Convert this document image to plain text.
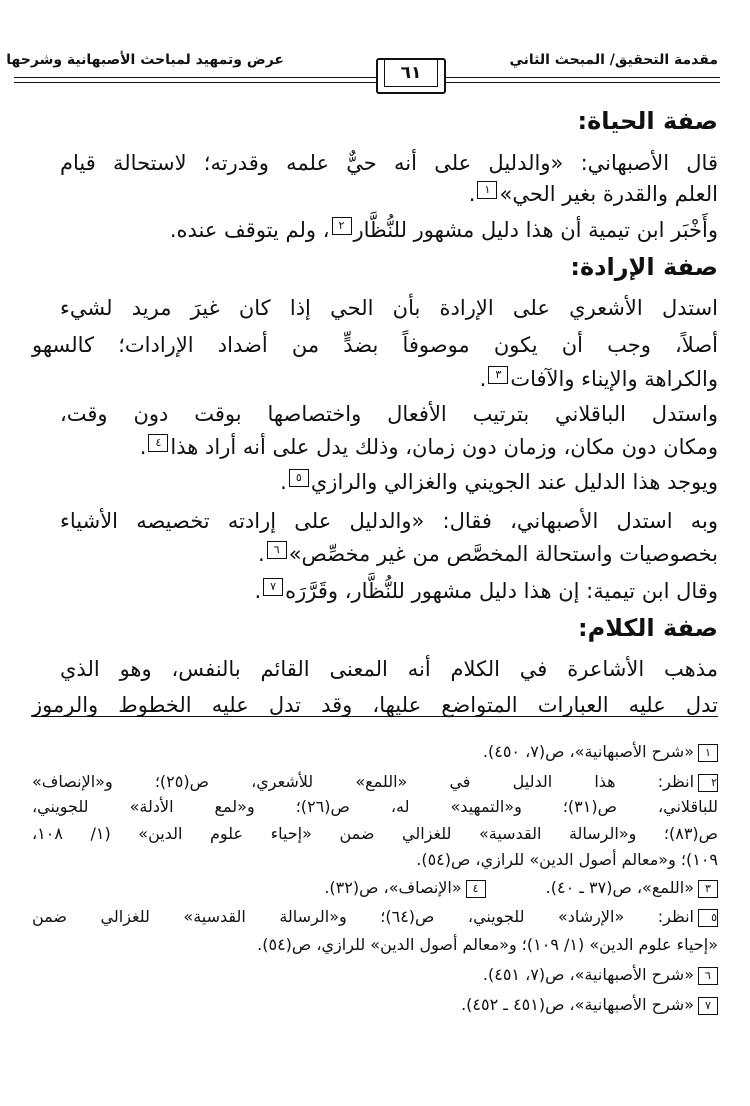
مقدمة التحقيق/ المبحث الثاني
عرض وتمهيد لمباحث الأصبهانية وشرحها
٦١
صفة الحياة:
قال الأصبهاني: «والدليل على أنه حيٌّ علمه وقدرته؛ لاستحالة قيام
العلم والقدرة بغير الحي»١.
وأَخْبَر ابن تيمية أن هذا دليل مشهور للنُّظَّار٢، ولم يتوقف عنده.
صفة الإرادة:
استدل الأشعري على الإرادة بأن الحي إذا كان غيرَ مريد لشيء
أصلاً، وجب أن يكون موصوفاً بضدٍّ من أضداد الإرادات؛ كالسهو
والكراهة والإيناء والآفات٣.
واستدل الباقلاني بترتيب الأفعال واختصاصها بوقت دون وقت،
ومكان دون مكان، وزمان دون زمان، وذلك يدل على أنه أراد هذا٤.
ويوجد هذا الدليل عند الجويني والغزالي والرازي٥.
وبه استدل الأصبهاني، فقال: «والدليل على إرادته تخصيصه الأشياء
بخصوصيات واستحالة المخصَّص من غير مخصِّص»٦.
وقال ابن تيمية: إن هذا دليل مشهور للنُّظَّار، وقَرَّرَه٧.
صفة الكلام:
مذهب الأشاعرة في الكلام أنه المعنى القائم بالنفس، وهو الذي
تدل عليه العبارات المتواضع عليها، وقد تدل عليه الخطوط والرموز
١«شرح الأصبهانية»، ص(٧، ٤٥٠).
٢انظر: هذا الدليل في «اللمع» للأشعري، ص(٢٥)؛ و«الإنصاف»
للباقلاني، ص(٣١)؛ و«التمهيد» له، ص(٢٦)؛ و«لمع الأدلة» للجويني،
ص(٨٣)؛ و«الرسالة القدسية» للغزالي ضمن «إحياء علوم الدين» (١/ ١٠٨،
١٠٩)؛ و«معالم أصول الدين» للرازي، ص(٥٤).
٣«اللمع»، ص(٣٧ ـ ٤٠).٤«الإنصاف»، ص(٣٢).
٥انظر: «الإرشاد» للجويني، ص(٦٤)؛ و«الرسالة القدسية» للغزالي ضمن
«إحياء علوم الدين» (١/ ١٠٩)؛ و«معالم أصول الدين» للرازي، ص(٥٤).
٦«شرح الأصبهانية»، ص(٧، ٤٥١).
٧«شرح الأصبهانية»، ص(٤٥١ ـ ٤٥٢).
